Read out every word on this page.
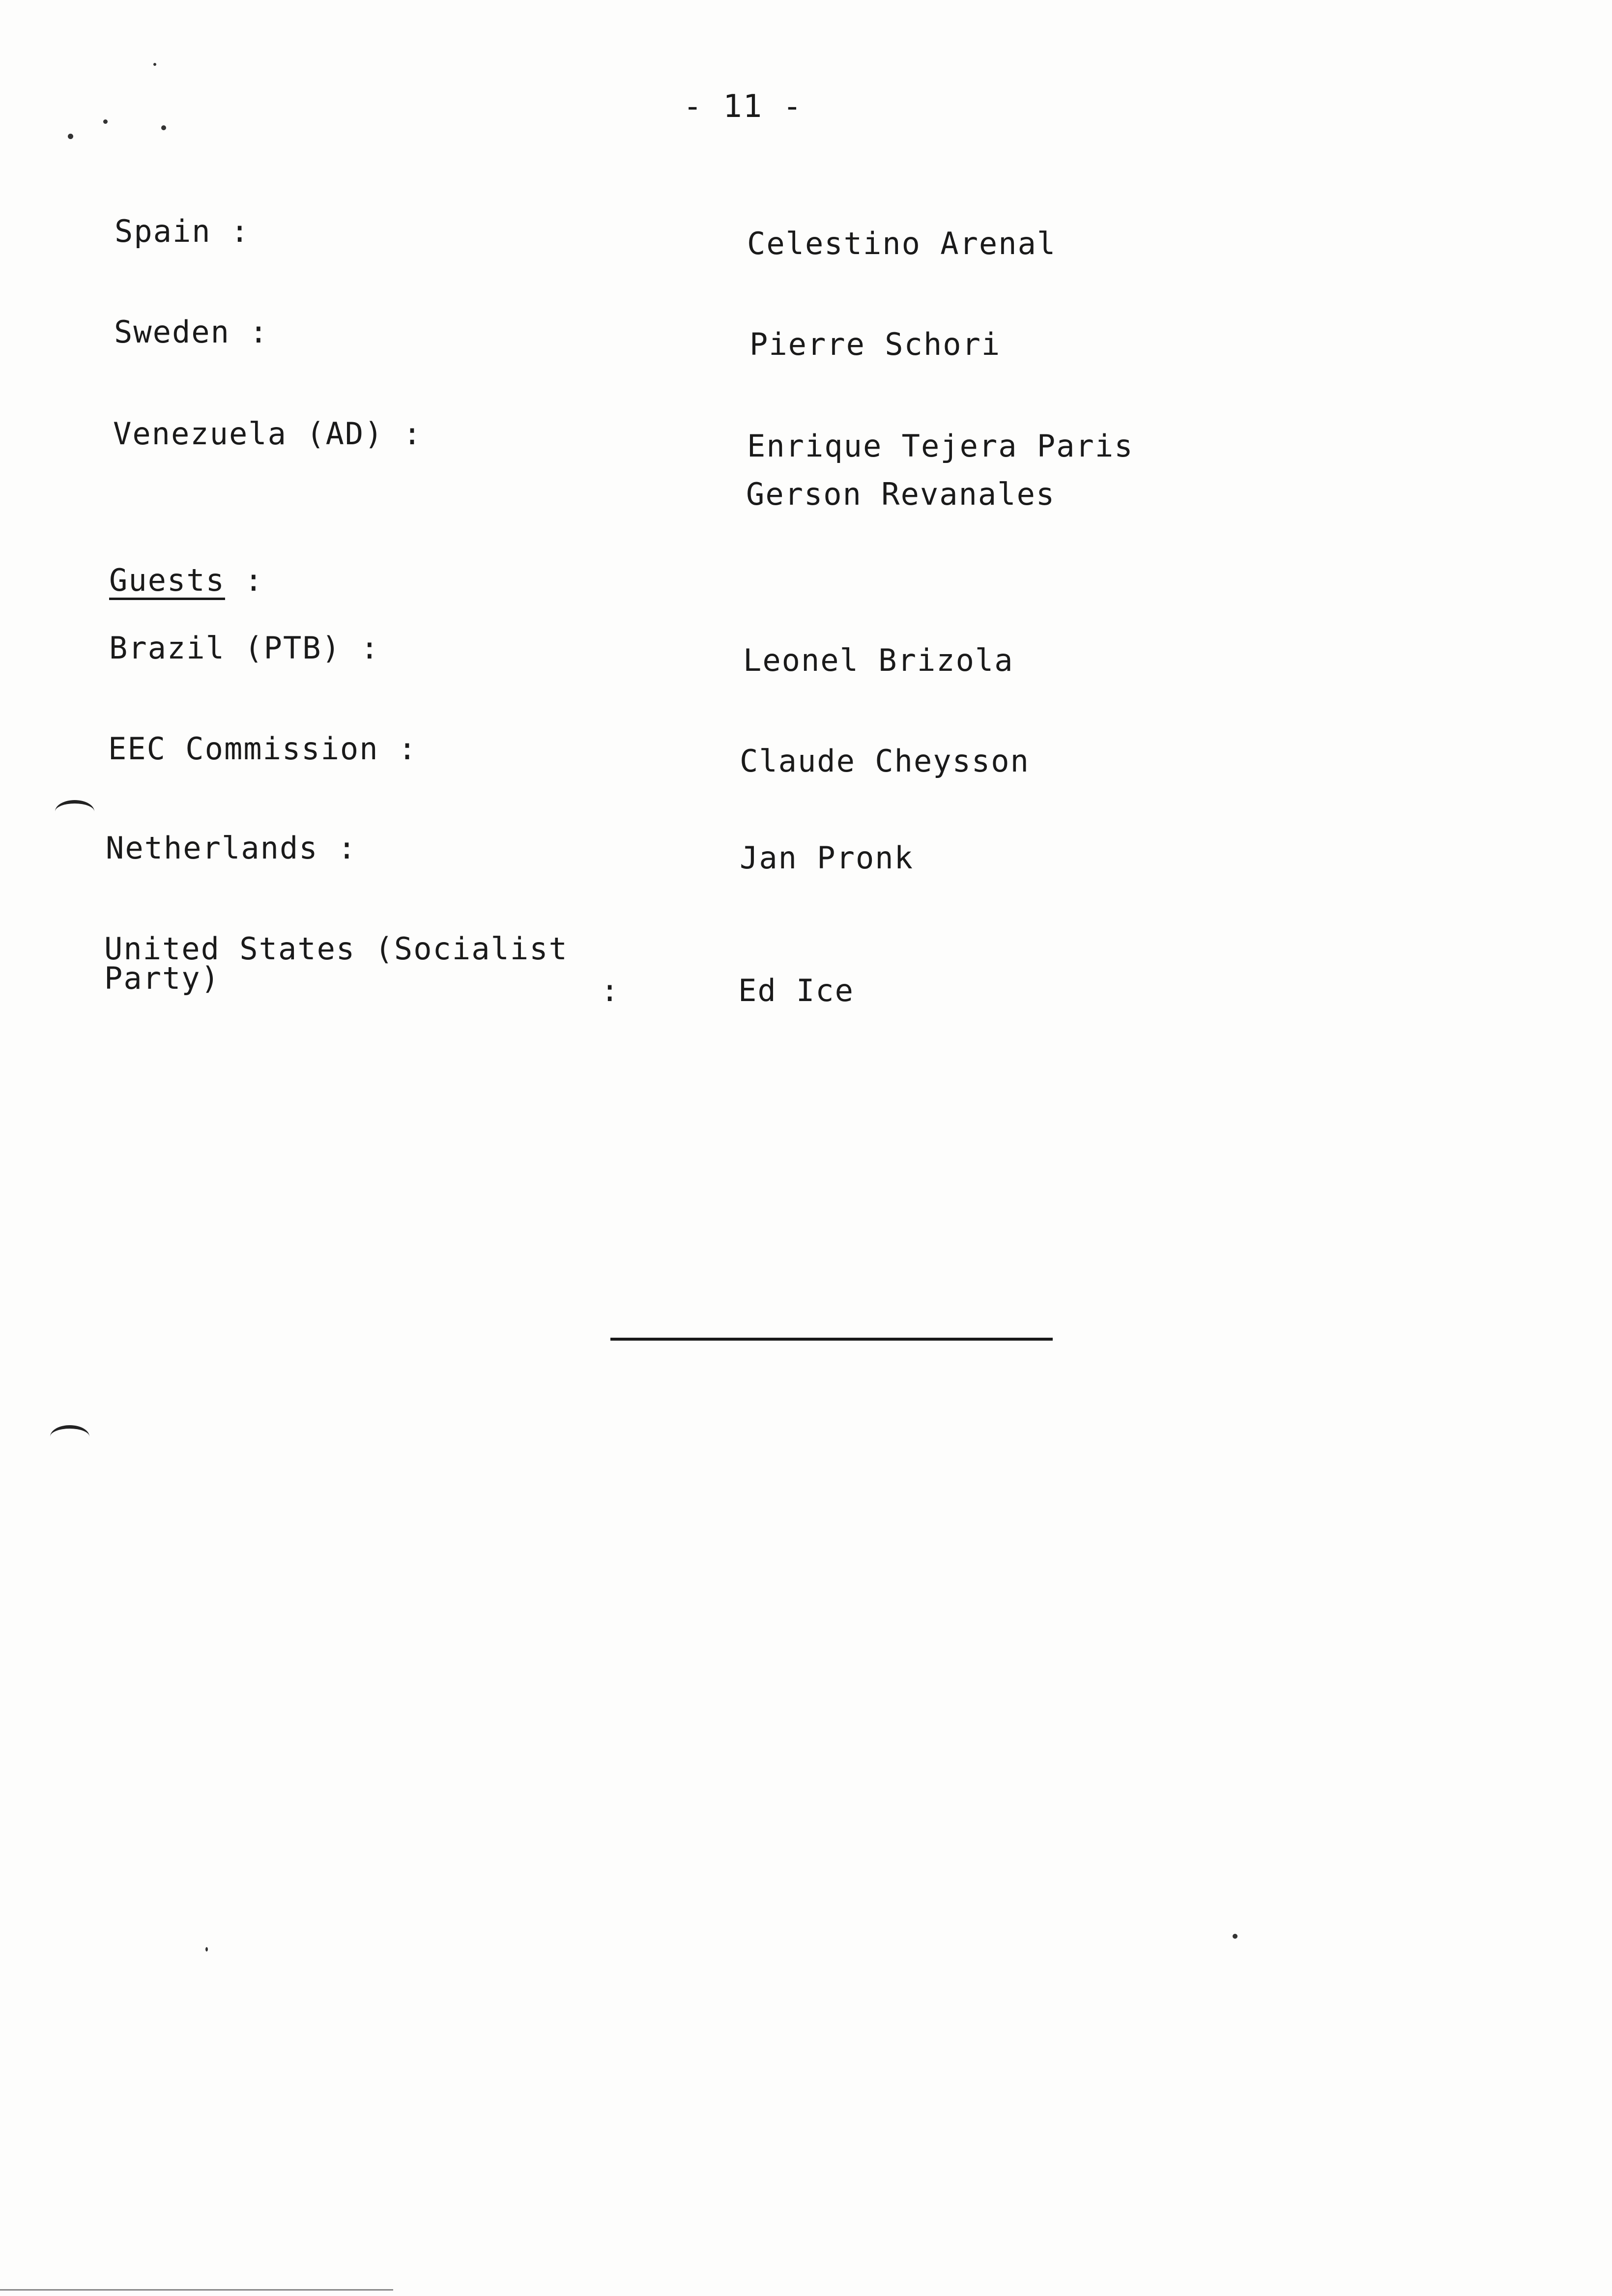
- 11 -
Spain :	Celestino Arenal
Sweden :	Pierre Schori
Venezuela (AD) :	Enrique Tejera Paris
Gerson Revanales
Guests :
Brazil (PTB) :	Leonel Brizola
EEC Commission :	Claude Cheysson
Netherlands :	Jan Pronk
United States (Socialist
Party)	:	Ed Ice
